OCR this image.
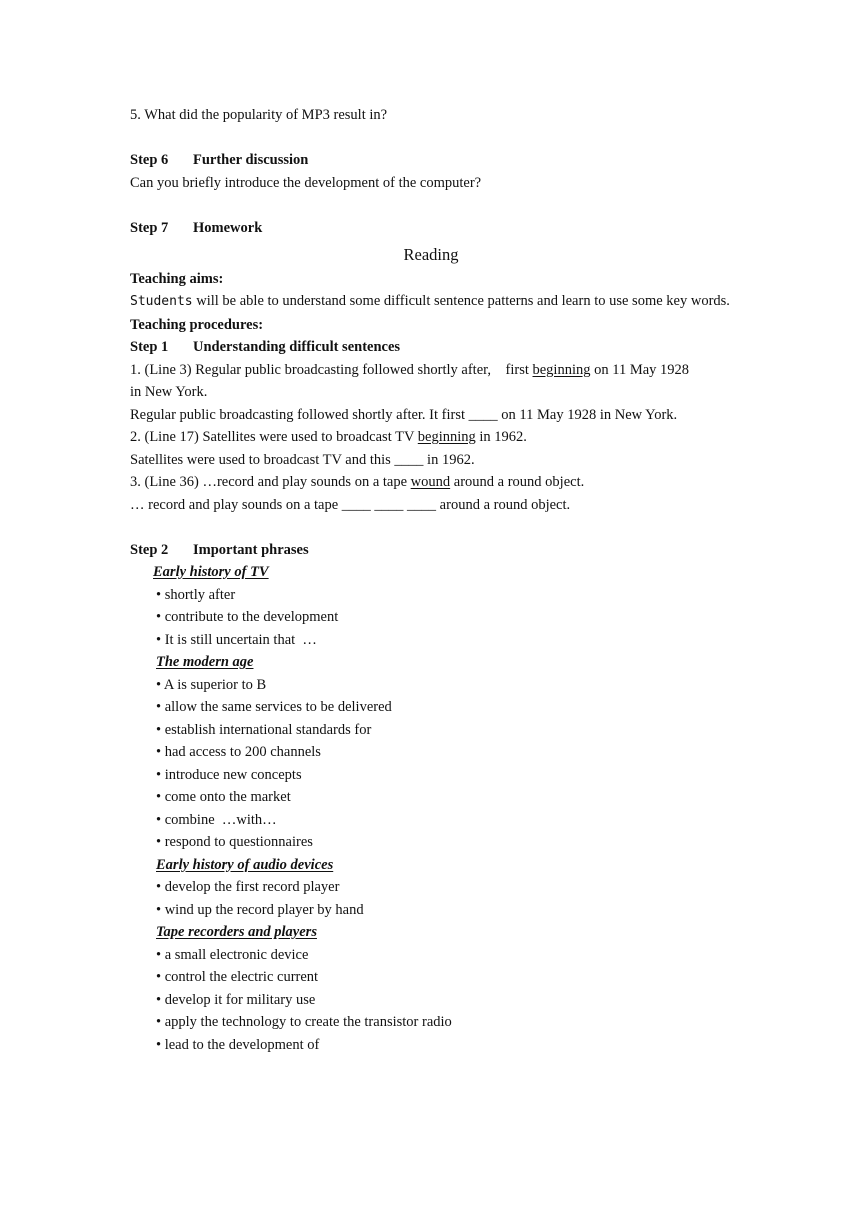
5. What did the popularity of MP3 result in?
Step 6 Further discussion
Can you briefly introduce the development of the computer?
Step 7 Homework
Reading
Teaching aims:
Students will be able to understand some difficult sentence patterns and learn to use some key words.
Teaching procedures:
Step 1 Understanding difficult sentences
1. (Line 3) Regular public broadcasting followed shortly after,    first beginning on 11 May 1928
in New York.
Regular public broadcasting followed shortly after. It first ____ on 11 May 1928 in New York.
2. (Line 17) Satellites were used to broadcast TV beginning in 1962.
Satellites were used to broadcast TV and this ____ in 1962.
3. (Line 36) …record and play sounds on a tape wound around a round object.
… record and play sounds on a tape ____ ____ ____ around a round object.
Step 2 Important phrases
Early history of TV
• shortly after
• contribute to the development
• It is still uncertain that  …
The modern age
• A is superior to B
• allow the same services to be delivered
• establish international standards for
• had access to 200 channels
• introduce new concepts
• come onto the market
• combine  …with…
• respond to questionnaires
Early history of audio devices
• develop the first record player
• wind up the record player by hand
Tape recorders and players
• a small electronic device
• control the electric current
• develop it for military use
• apply the technology to create the transistor radio
• lead to the development of
